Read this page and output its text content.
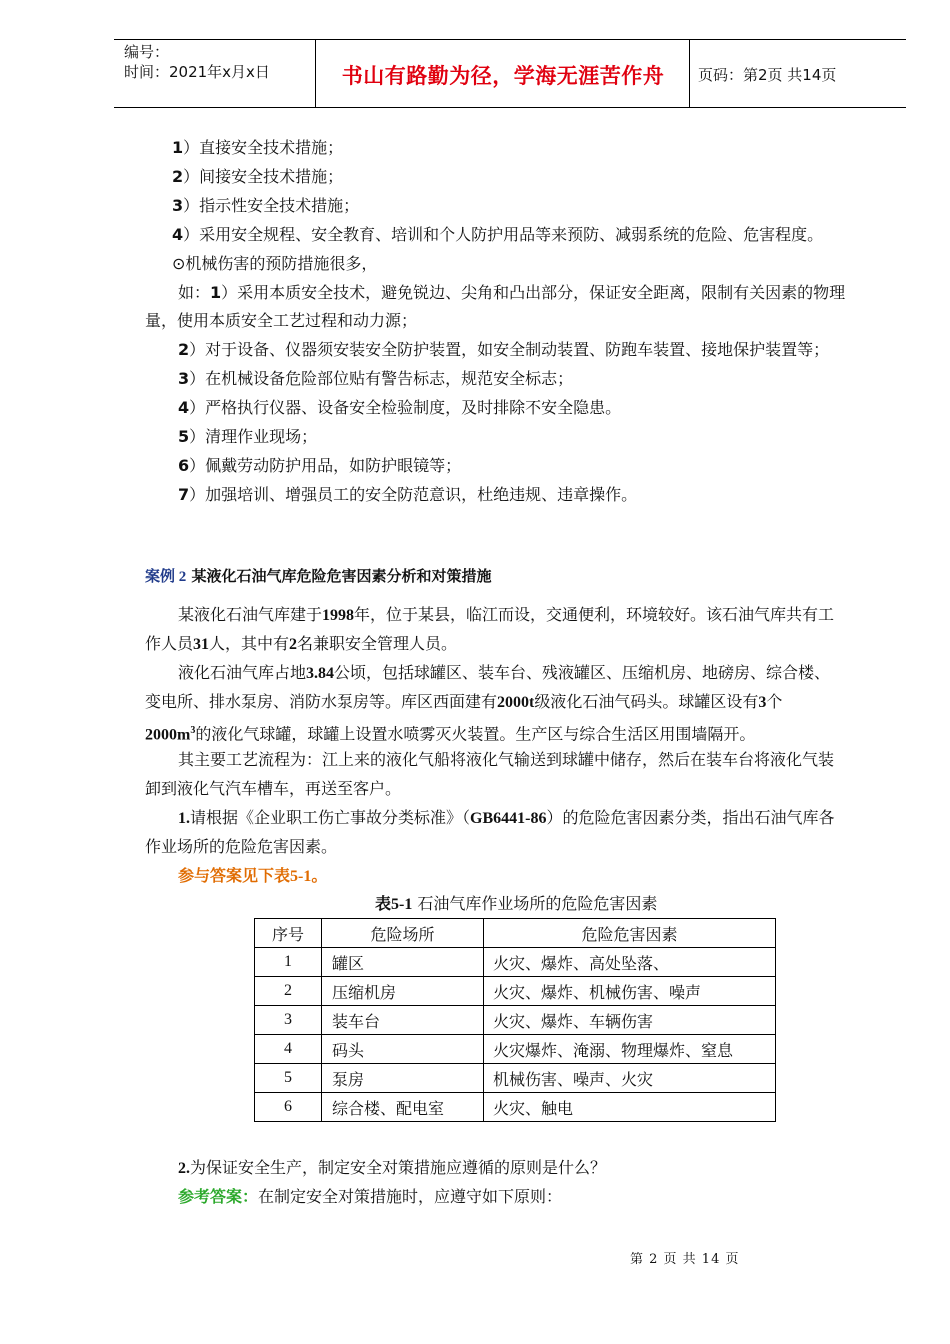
编号：
时间：2021年x月x日	书山有路勤为径，学海无涯苦作舟	页码：第2页 共14页
1）直接安全技术措施；
2）间接安全技术措施；
3）指示性安全技术措施；
4）采用安全规程、安全教育、培训和个人防护用品等来预防、减弱系统的危险、危害程度。
⊙机械伤害的预防措施很多，
如：1）采用本质安全技术，避免锐边、尖角和凸出部分，保证安全距离，限制有关因素的物理
量，使用本质安全工艺过程和动力源；
2）对于设备、仪器须安装安全防护装置，如安全制动装置、防跑车装置、接地保护装置等；
3）在机械设备危险部位贴有警告标志，规范安全标志；
4）严格执行仪器、设备安全检验制度，及时排除不安全隐患。
5）清理作业现场；
6）佩戴劳动防护用品，如防护眼镜等；
7）加强培训、增强员工的安全防范意识，杜绝违规、违章操作。
案例 2 某液化石油气库危险危害因素分析和对策措施
某液化石油气库建于1998年，位于某县，临江而设，交通便利，环境较好。该石油气库共有工
作人员31人，其中有2名兼职安全管理人员。
液化石油气库占地3.84公顷，包括球罐区、装车台、残液罐区、压缩机房、地磅房、综合楼、
变电所、排水泵房、消防水泵房等。库区西面建有2000t级液化石油气码头。球罐区设有3个
$2000m^3$的液化气球罐，球罐上设置水喷雾灭火装置。生产区与综合生活区用围墙隔开。
其主要工艺流程为：江上来的液化气船将液化气输送到球罐中储存，然后在装车台将液化气装
卸到液化气汽车槽车，再送至客户。
1.请根据《企业职工伤亡事故分类标准》（GB6441-86）的危险危害因素分类，指出石油气库各
作业场所的危险危害因素。
参与答案见下表5-1。
表5-1 石油气库作业场所的危险危害因素
序号	危险场所	危险危害因素
1	罐区	火灾、爆炸、高处坠落、
2	压缩机房	火灾、爆炸、机械伤害、噪声
3	装车台	火灾、爆炸、车辆伤害
4	码头	火灾爆炸、淹溺、物理爆炸、窒息
5	泵房	机械伤害、噪声、火灾
6	综合楼、配电室	火灾、触电
2.为保证安全生产，制定安全对策措施应遵循的原则是什么？
参考答案：在制定安全对策措施时，应遵守如下原则：
第 2 页 共 14 页
